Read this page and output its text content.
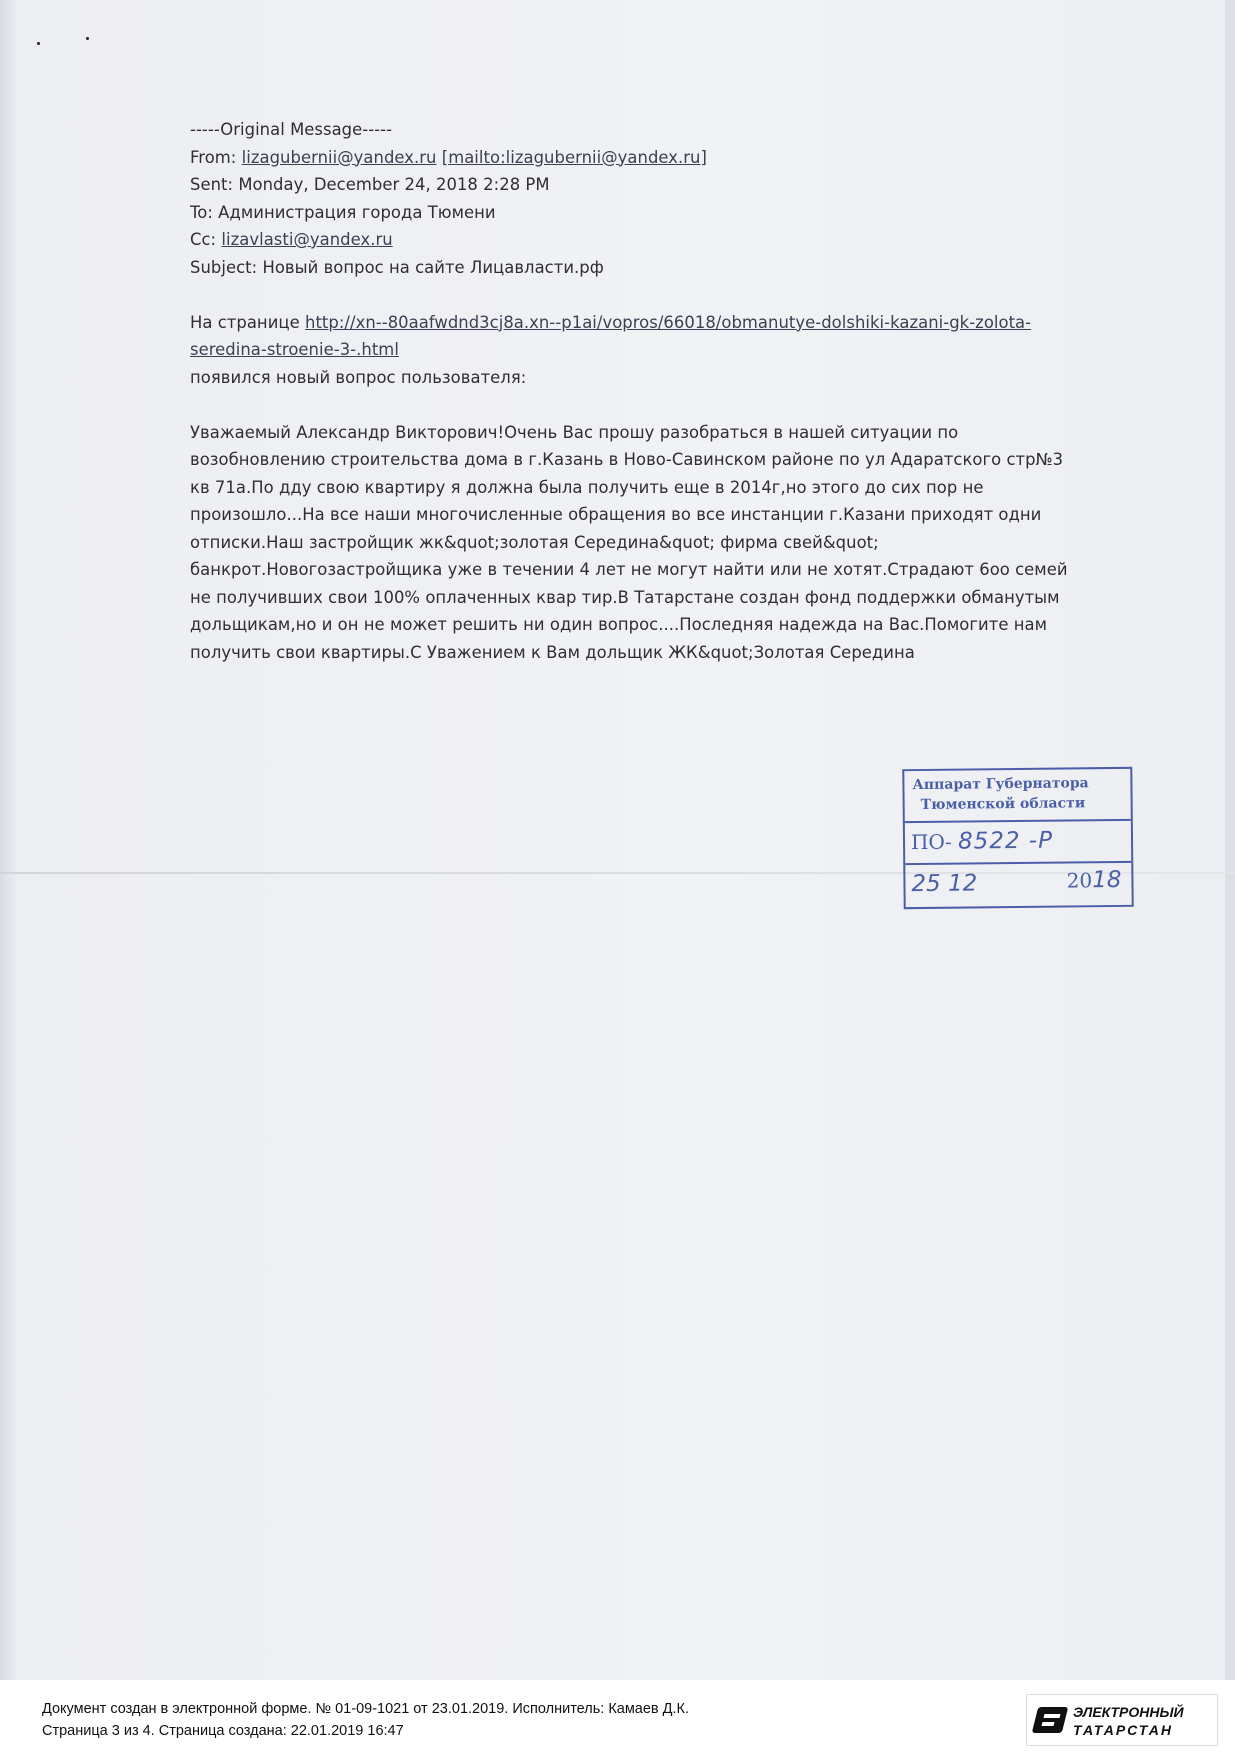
-----Original Message-----
From: lizagubernii@yandex.ru [mailto:lizagubernii@yandex.ru]
Sent: Monday, December 24, 2018 2:28 PM
To: Администрация города Тюмени
Cc: lizavlasti@yandex.ru
Subject: Новый вопрос на сайте Лицавласти.рф
На странице http://xn--80aafwdnd3cj8a.xn--p1ai/vopros/66018/obmanutye-dolshiki-kazani-gk-zolota-
seredina-stroenie-3-.html
появился новый вопрос пользователя:
Уважаемый Александр Викторович!Очень Вас прошу разобраться в нашей ситуации по
возобновлению строительства дома в г.Казань в Ново-Савинском районе по ул Адаратского стр№3
кв 71а.По дду свою квартиру я должна была получить еще в 2014г,но этого до сих пор не
произошло...На все наши многочисленные обращения во все инстанции г.Казани приходят одни
отписки.Наш застройщик жк&quot;золотая Середина&quot; фирма свей&quot;
банкрот.Новогозастройщика уже в течении 4 лет не могут найти или не хотят.Страдают 6оо семей
не получивших свои 100% оплаченных квар тир.В Татарстане создан фонд поддержки обманутым
дольщикам,но и он не может решить ни один вопрос....Последняя надежда на Вас.Помогите нам
получить свои квартиры.С Уважением к Вам дольщик ЖК&quot;Золотая Середина
Аппарат Губернатора
Тюменской области
ПО- 8522 -Р
25 12	2018
Документ создан в электронной форме. № 01-09-1021 от 23.01.2019. Исполнитель: Камаев Д.К.
Страница 3 из 4. Страница создана: 22.01.2019 16:47
ЭЛЕКТРОННЫЙ
ТАТАРСТАН
